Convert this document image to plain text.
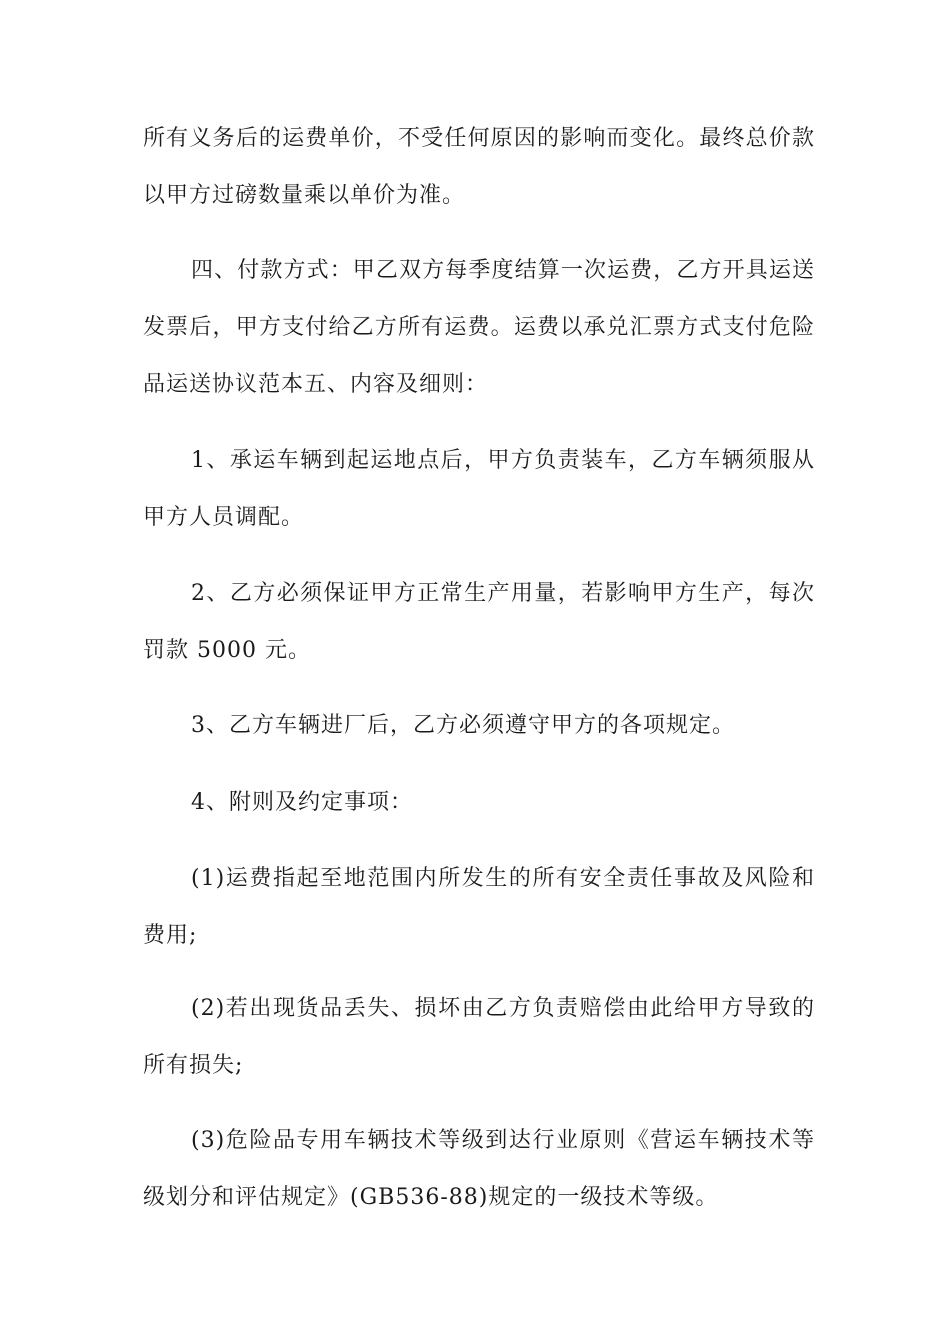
所有义务后的运费单价，不受任何原因的影响而变化。最终总价款以甲方过磅数量乘以单价为准。

四、付款方式：甲乙双方每季度结算一次运费，乙方开具运送发票后，甲方支付给乙方所有运费。运费以承兑汇票方式支付危险品运送协议范本五、内容及细则：

1、承运车辆到起运地点后，甲方负责装车，乙方车辆须服从甲方人员调配。

2、乙方必须保证甲方正常生产用量，若影响甲方生产，每次罚款 5000 元。

3、乙方车辆进厂后，乙方必须遵守甲方的各项规定。

4、附则及约定事项：

(1)运费指起至地范围内所发生的所有安全责任事故及风险和费用;

(2)若出现货品丢失、损坏由乙方负责赔偿由此给甲方导致的所有损失;

(3)危险品专用车辆技术等级到达行业原则《营运车辆技术等级划分和评估规定》(GB536-88)规定的一级技术等级。
